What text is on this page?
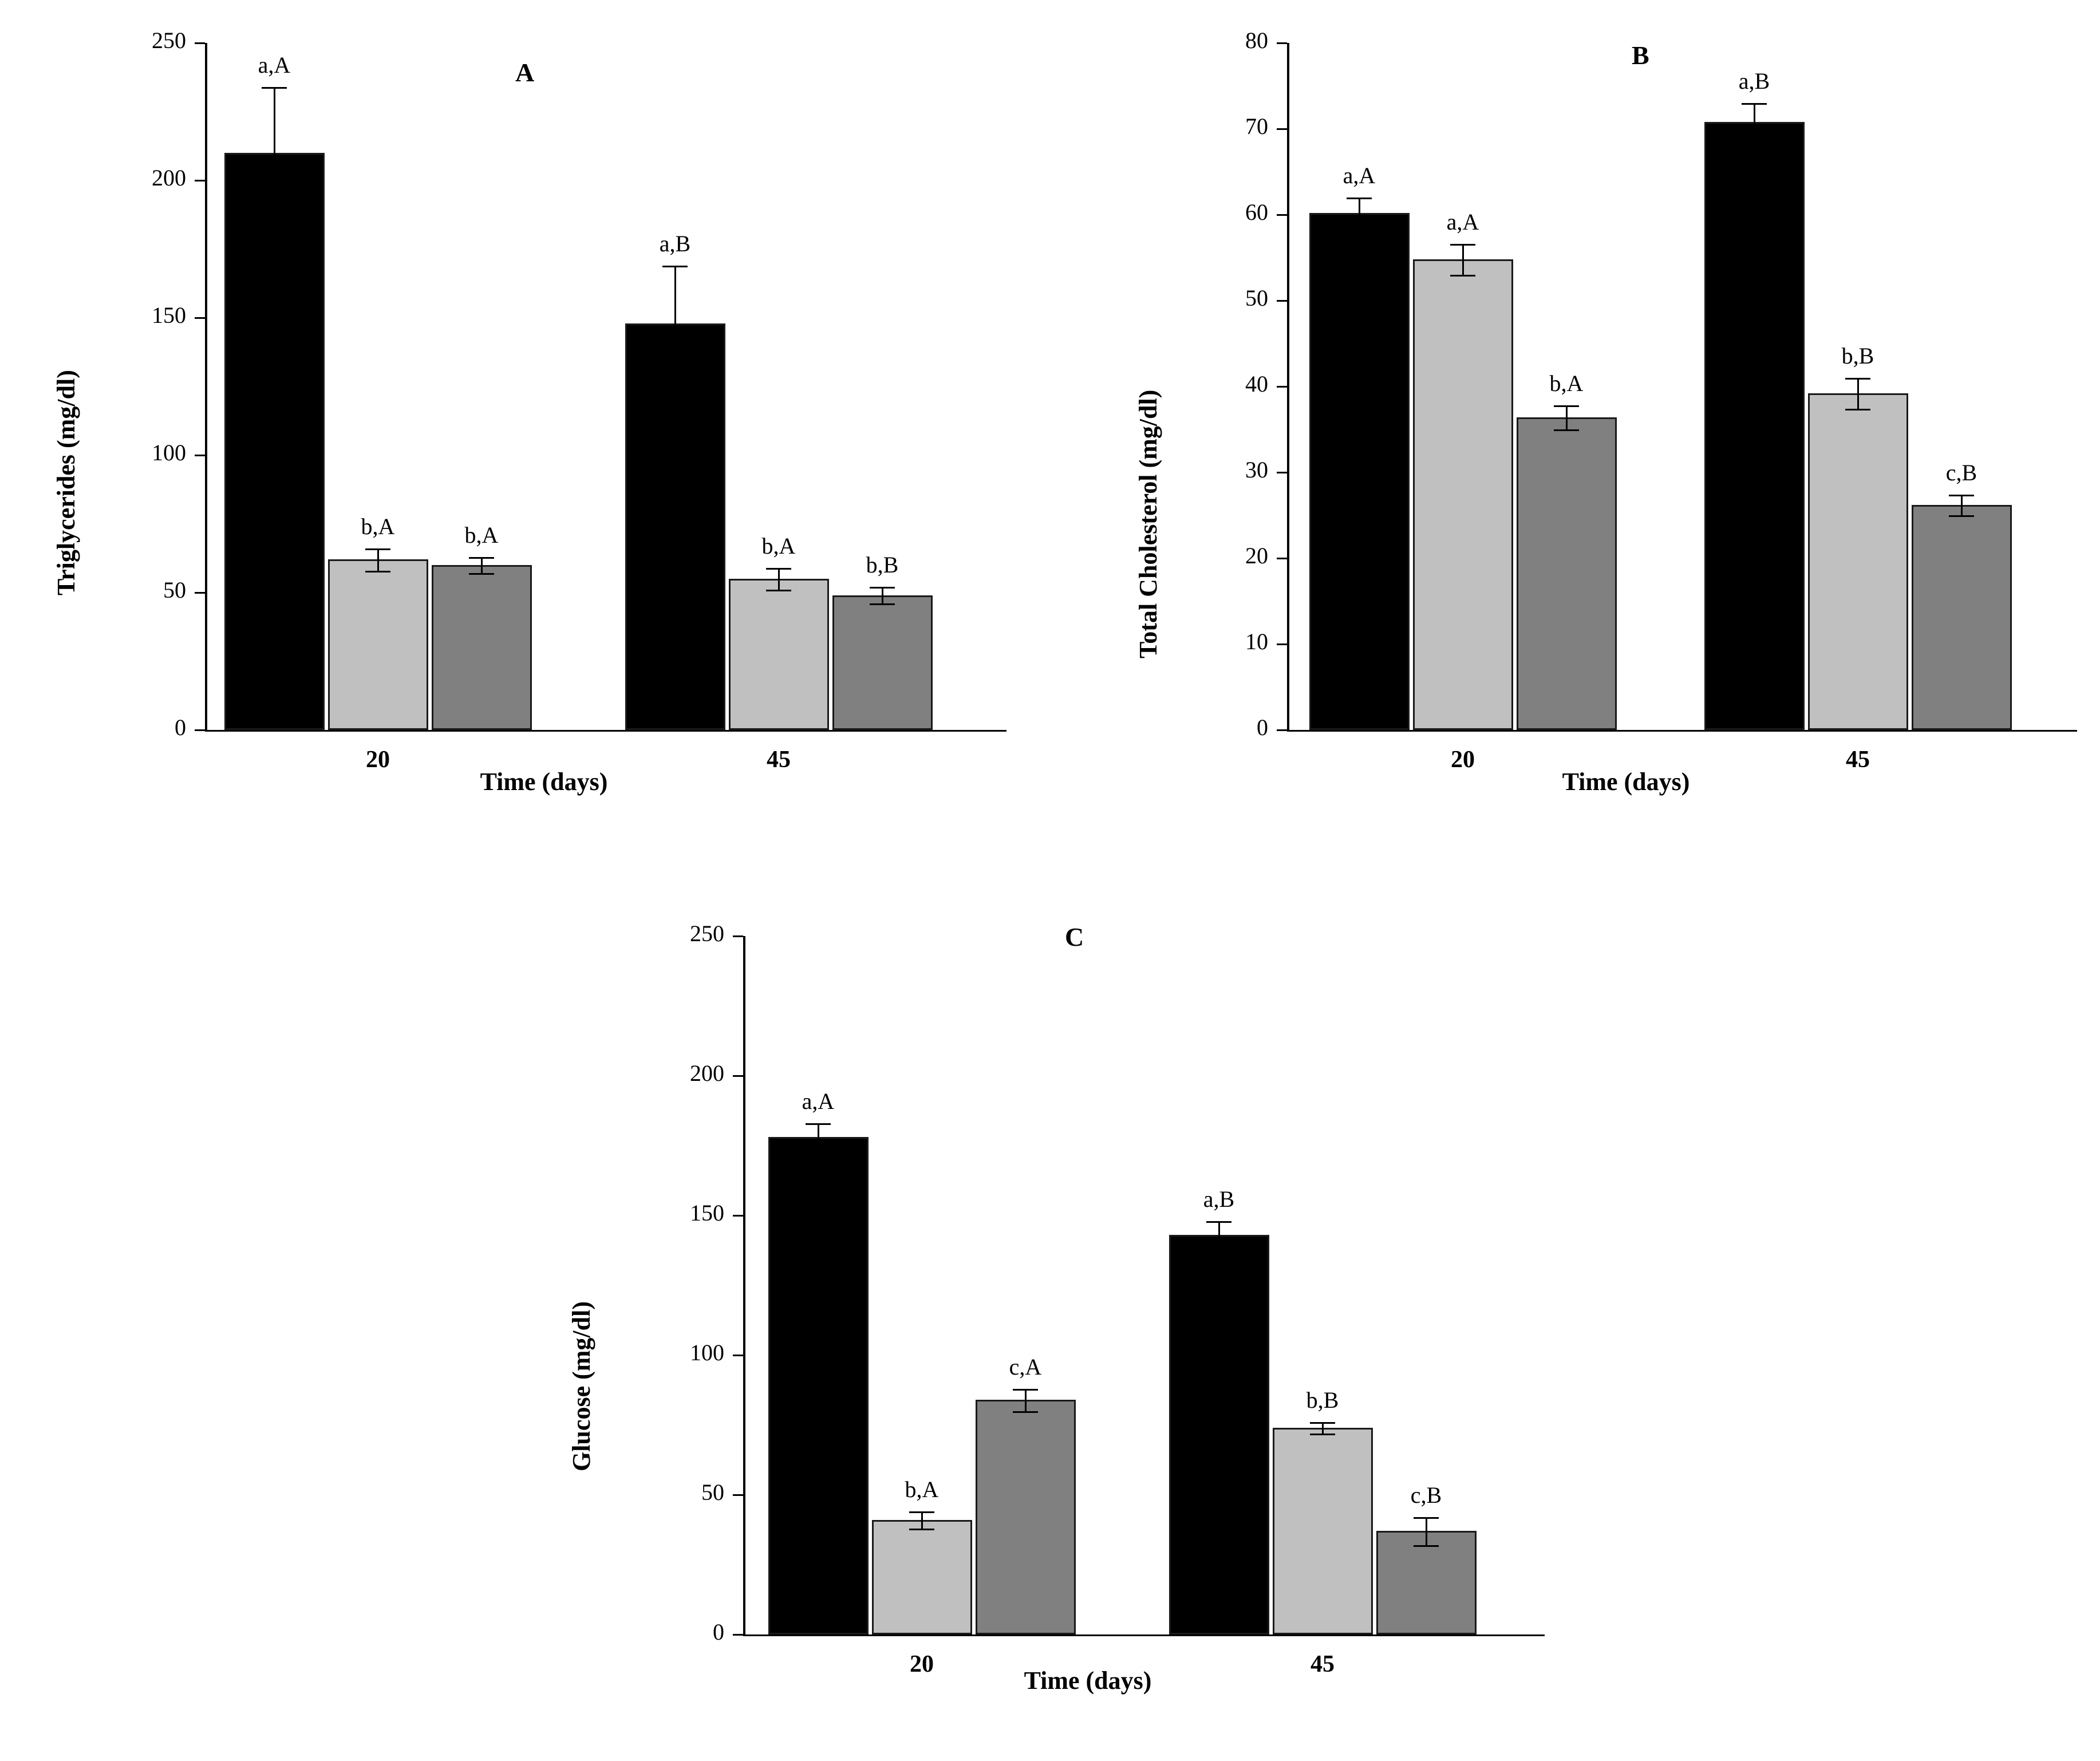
A
Triglycerides (mg/dl)
0
50
100
150
200
250
a,A
b,A	b,A
20
a,B
b,A
b,B
45
Time (days)
B
Total Cholesterol (mg/dl)
0
10
20
30
40
50
60
70
80
a,A
a,A
b,A
20
a,B
b,B
c,B
45
Time (days)
C
Glucose (mg/dl)
0
50
100
150
200
250
a,A
b,A
c,A
20
a,B
b,B
c,B
45
Time (days)
